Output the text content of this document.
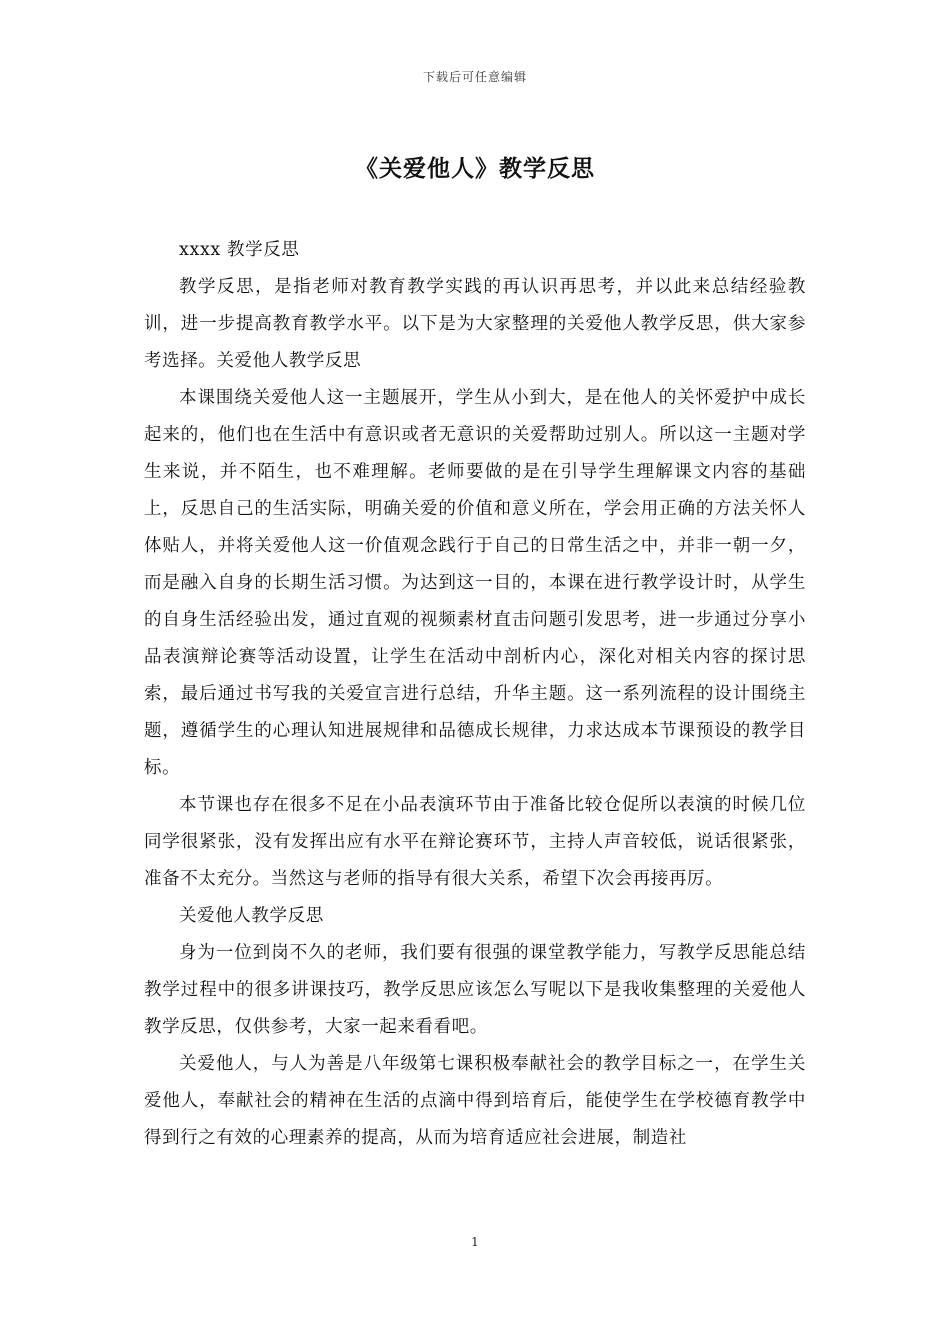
下载后可任意编辑
《关爱他人》教学反思

xxxx 教学反思

教学反思，是指老师对教育教学实践的再认识再思考，并以此来总结经验教训，进一步提高教育教学水平。以下是为大家整理的关爱他人教学反思，供大家参考选择。关爱他人教学反思

本课围绕关爱他人这一主题展开，学生从小到大，是在他人的关怀爱护中成长起来的，他们也在生活中有意识或者无意识的关爱帮助过别人。所以这一主题对学生来说，并不陌生，也不难理解。老师要做的是在引导学生理解课文内容的基础上，反思自己的生活实际，明确关爱的价值和意义所在，学会用正确的方法关怀人体贴人，并将关爱他人这一价值观念践行于自己的日常生活之中，并非一朝一夕，而是融入自身的长期生活习惯。为达到这一目的，本课在进行教学设计时，从学生的自身生活经验出发，通过直观的视频素材直击问题引发思考，进一步通过分享小品表演辩论赛等活动设置，让学生在活动中剖析内心，深化对相关内容的探讨思索，最后通过书写我的关爱宣言进行总结，升华主题。这一系列流程的设计围绕主题，遵循学生的心理认知进展规律和品德成长规律，力求达成本节课预设的教学目标。

本节课也存在很多不足在小品表演环节由于准备比较仓促所以表演的时候几位同学很紧张，没有发挥出应有水平在辩论赛环节，主持人声音较低，说话很紧张，准备不太充分。当然这与老师的指导有很大关系，希望下次会再接再厉。

关爱他人教学反思

身为一位到岗不久的老师，我们要有很强的课堂教学能力，写教学反思能总结教学过程中的很多讲课技巧，教学反思应该怎么写呢以下是我收集整理的关爱他人教学反思，仅供参考，大家一起来看看吧。

关爱他人，与人为善是八年级第七课积极奉献社会的教学目标之一，在学生关爱他人，奉献社会的精神在生活的点滴中得到培育后，能使学生在学校德育教学中得到行之有效的心理素养的提高，从而为培育适应社会进展，制造社

1
